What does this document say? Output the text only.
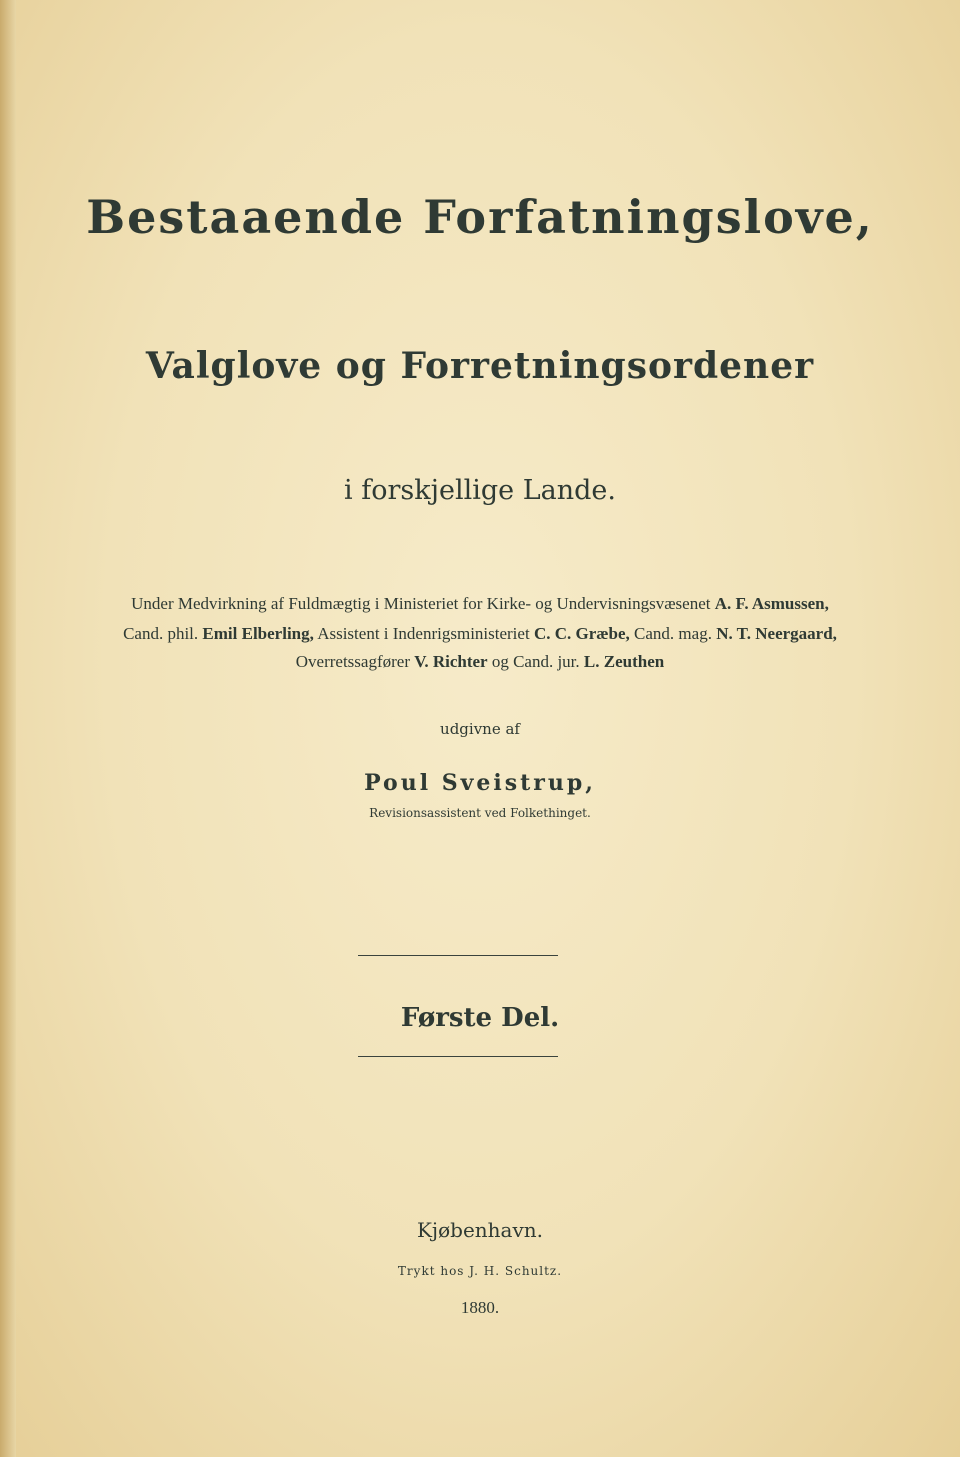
Bestaaende Forfatningslove,
Valglove og Forretningsordener
i forskjellige Lande.
Under Medvirkning af Fuldmægtig i Ministeriet for Kirke- og Undervisningsvæsenet A. F. Asmussen,
Cand. phil. Emil Elberling, Assistent i Indenrigsministeriet C. C. Græbe, Cand. mag. N. T. Neergaard,
Overretssagfører V. Richter og Cand. jur. L. Zeuthen
udgivne af
Poul Sveistrup,
Revisionsassistent ved Folkethinget.
Første Del.
Kjøbenhavn.
Trykt hos J. H. Schultz.
1880.
